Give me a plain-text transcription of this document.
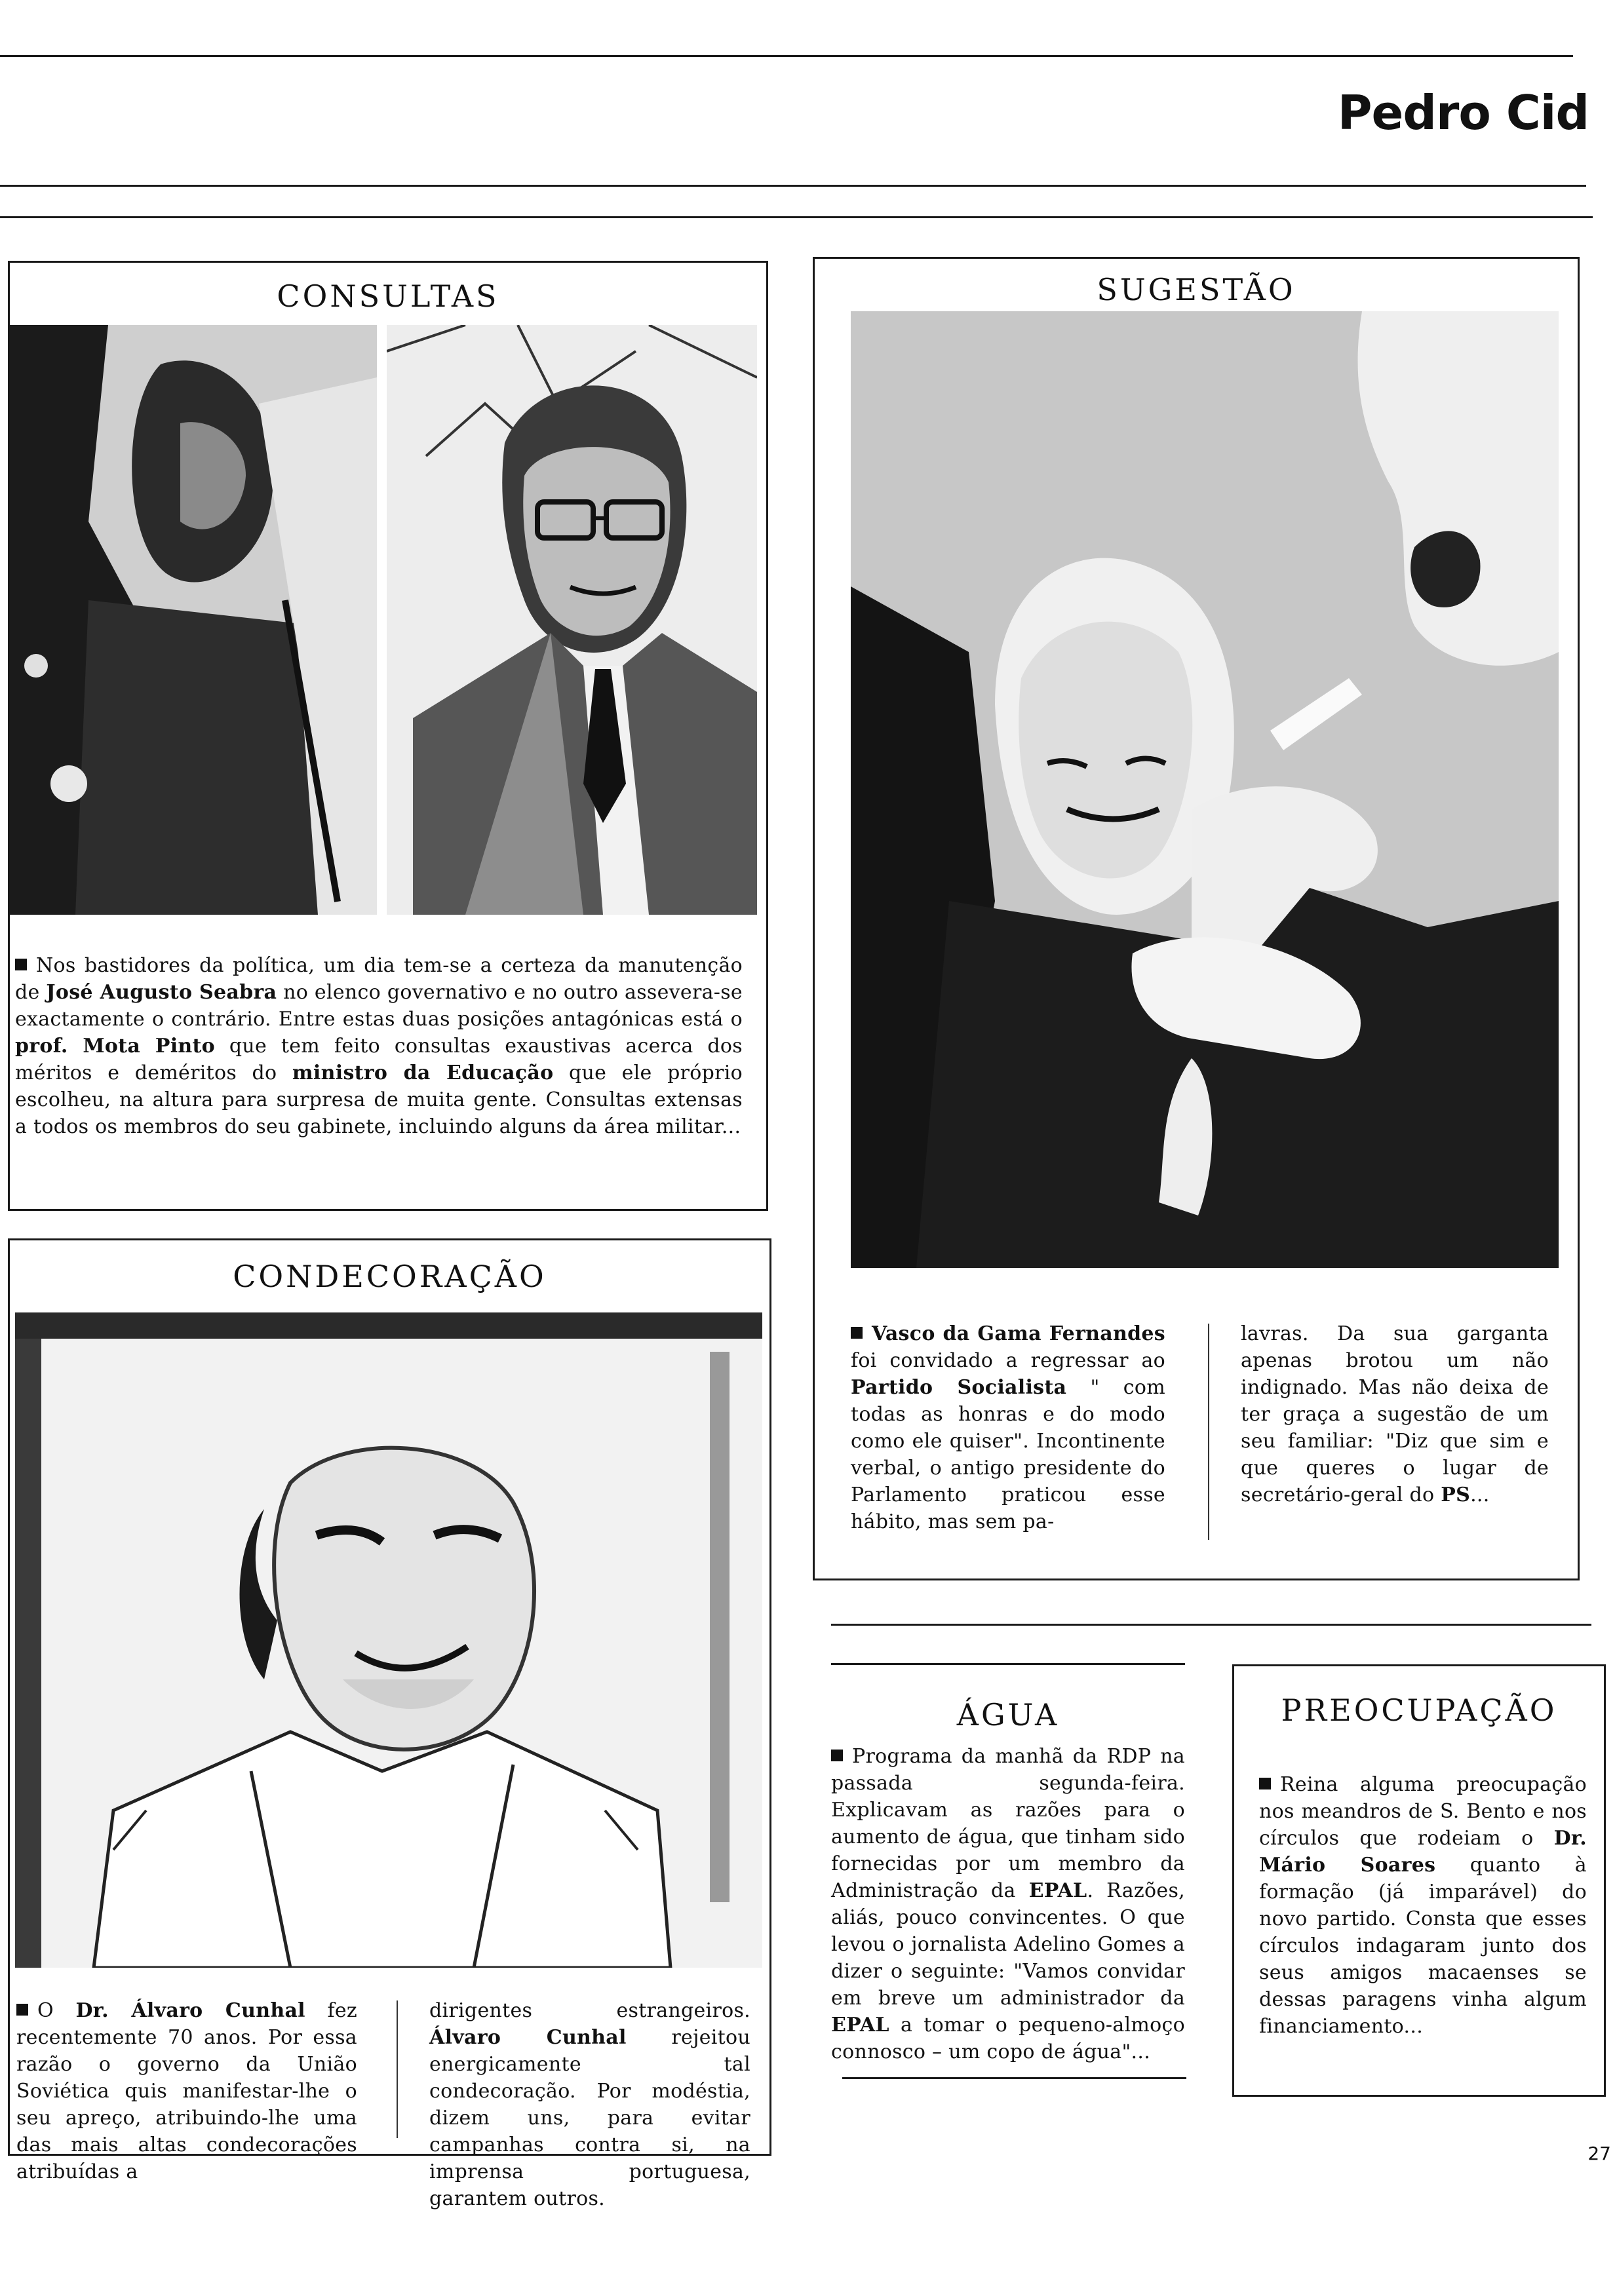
Pedro Cid
CONSULTAS
Nos bastidores da política, um dia tem-se a certeza da manutenção de José Augusto Seabra no elenco governativo e no outro assevera-se exactamente o contrário. Entre estas duas posições antagónicas está o prof. Mota Pinto que tem feito consultas exaustivas acerca dos méritos e deméritos do ministro da Educação que ele próprio escolheu, na altura para surpresa de muita gente. Consultas extensas a todos os membros do seu gabinete, incluindo alguns da área militar...
SUGESTÃO
Vasco da Gama Fernandes foi convidado a regressar ao Partido Socialista " com todas as honras e do modo como ele quiser". Incontinente verbal, o antigo presidente do Parlamento praticou esse hábito, mas sem pa-
lavras. Da sua garganta apenas brotou um não indignado. Mas não deixa de ter graça a sugestão de um seu familiar: "Diz que sim e que queres o lugar de secretário-geral do PS...
CONDECORAÇÃO
O Dr. Álvaro Cunhal fez recentemente 70 anos. Por essa razão o governo da União Soviética quis manifestar-lhe o seu apreço, atribuindo-lhe uma das mais altas condecorações atribuídas a
dirigentes estrangeiros. Álvaro Cunhal rejeitou energicamente tal condecoração. Por modéstia, dizem uns, para evitar campanhas contra si, na imprensa portuguesa, garantem outros.
ÁGUA
Programa da manhã da RDP na passada segunda-feira. Explicavam as razões para o aumento de água, que tinham sido fornecidas por um membro da Administração da EPAL. Razões, aliás, pouco convincentes. O que levou o jornalista Adelino Gomes a dizer o seguinte: "Vamos convidar em breve um administrador da EPAL a tomar o pequeno-almoço connosco – um copo de água"...
PREOCUPAÇÃO
Reina alguma preocupação nos meandros de S. Bento e nos círculos que rodeiam o Dr. Mário Soares quanto à formação (já imparável) do novo partido. Consta que esses círculos indagaram junto dos seus amigos macaenses se dessas paragens vinha algum financiamento...
27
